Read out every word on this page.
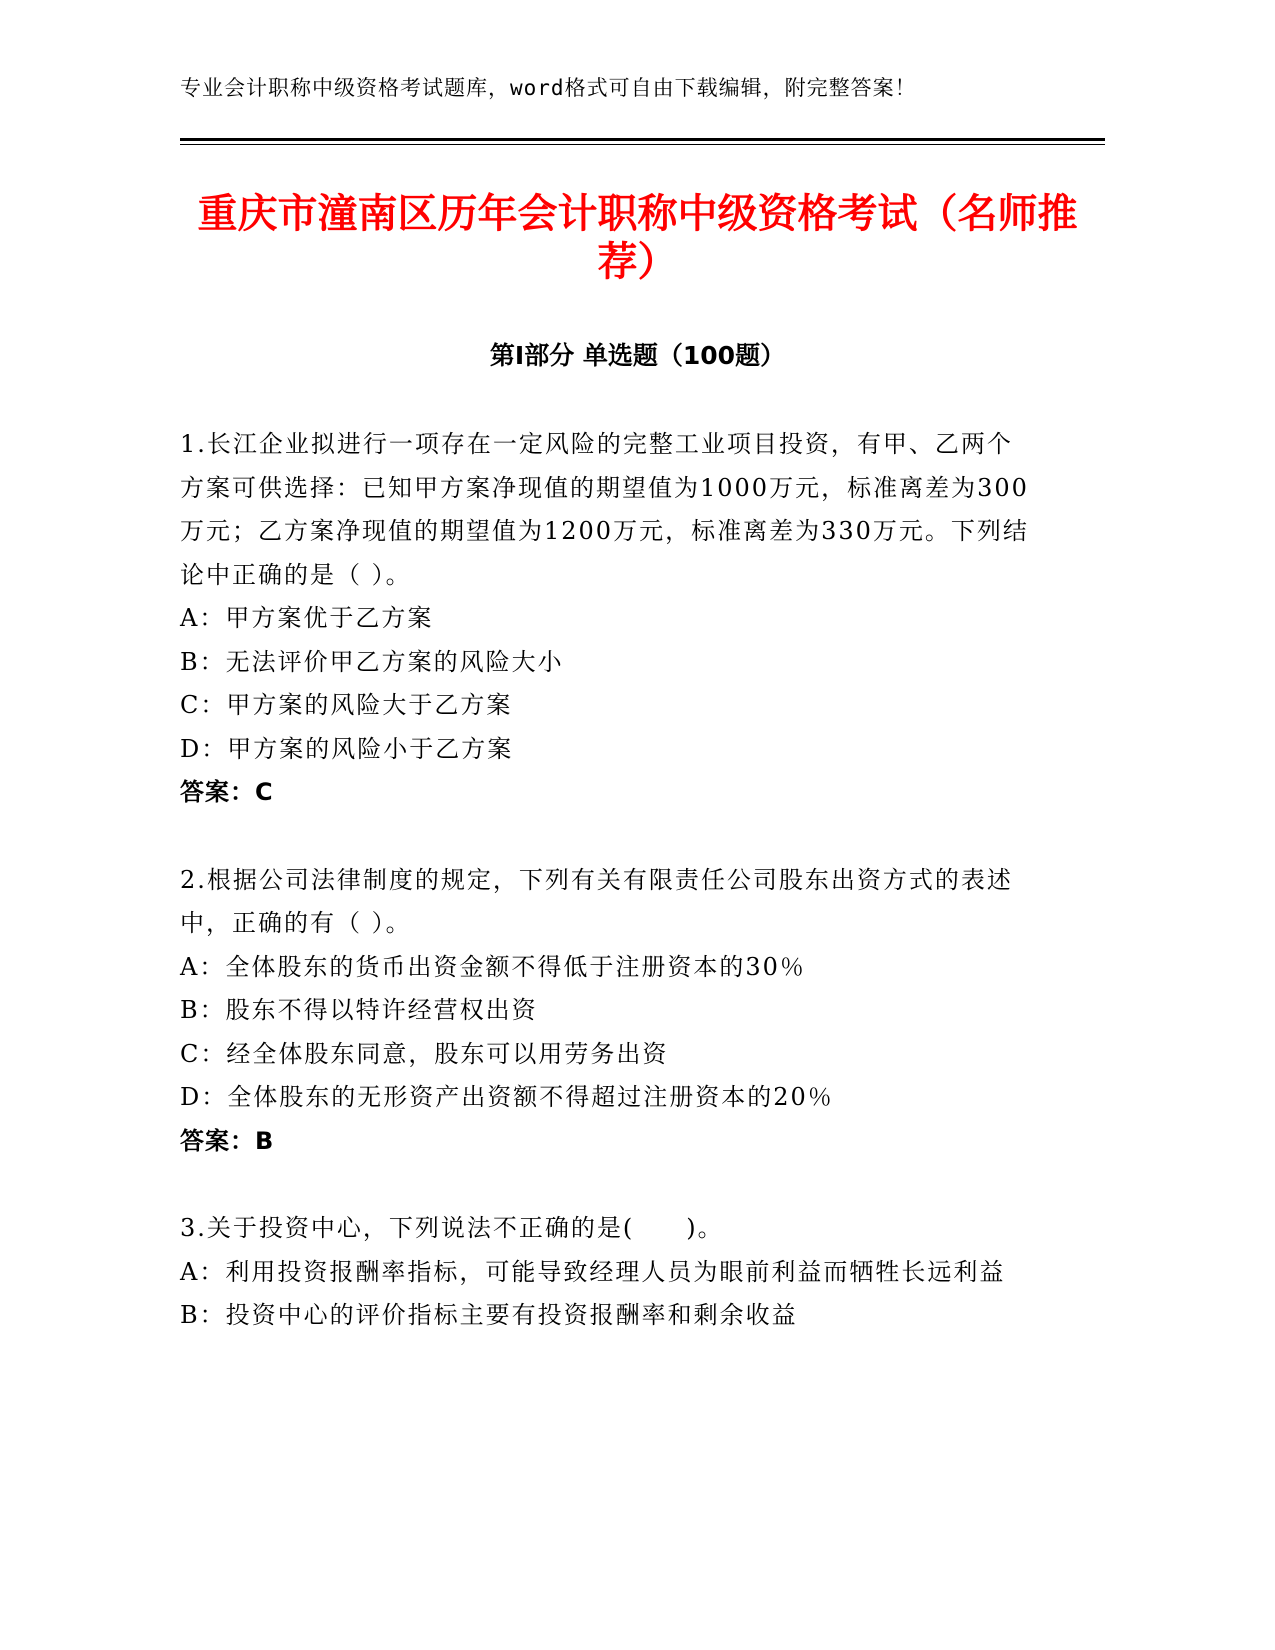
专业会计职称中级资格考试题库，word格式可自由下载编辑，附完整答案！
重庆市潼南区历年会计职称中级资格考试（名师推荐）
第Ⅰ部分 单选题（100题）

1.长江企业拟进行一项存在一定风险的完整工业项目投资，有甲、乙两个方案可供选择：已知甲方案净现值的期望值为1000万元，标准离差为300万元；乙方案净现值的期望值为1200万元，标准离差为330万元。下列结论中正确的是（ ）。

A：甲方案优于乙方案

B：无法评价甲乙方案的风险大小

C：甲方案的风险大于乙方案

D：甲方案的风险小于乙方案

答案：C

2.根据公司法律制度的规定，下列有关有限责任公司股东出资方式的表述中，正确的有（ ）。

A：全体股东的货币出资金额不得低于注册资本的30％

B：股东不得以特许经营权出资

C：经全体股东同意，股东可以用劳务出资

D：全体股东的无形资产出资额不得超过注册资本的20％

答案：B

3.关于投资中心，下列说法不正确的是(　　)。

A：利用投资报酬率指标，可能导致经理人员为眼前利益而牺牲长远利益

B：投资中心的评价指标主要有投资报酬率和剩余收益
